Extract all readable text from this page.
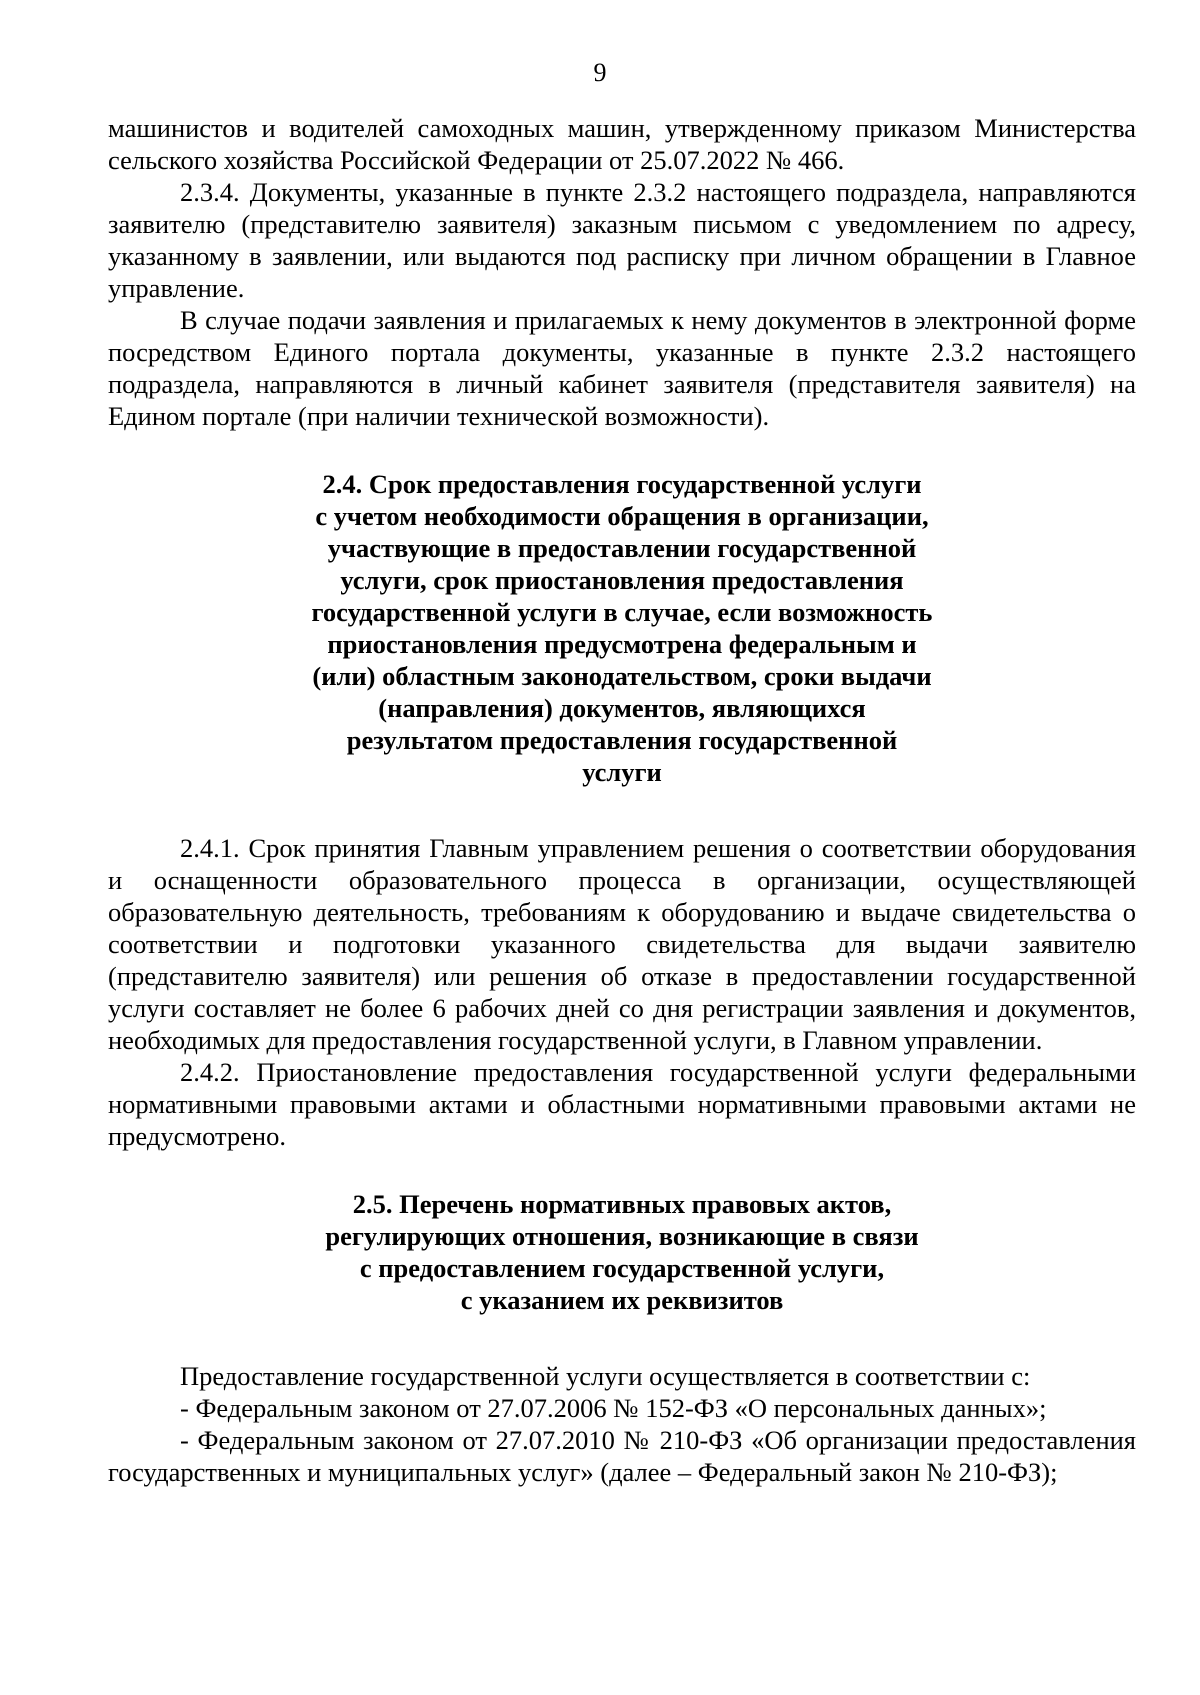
9

машинистов и водителей самоходных машин, утвержденному приказом Министерства сельского хозяйства Российской Федерации от 25.07.2022 № 466.

2.3.4. Документы, указанные в пункте 2.3.2 настоящего подраздела, направляются заявителю (представителю заявителя) заказным письмом с уведомлением по адресу, указанному в заявлении, или выдаются под расписку при личном обращении в Главное управление.

В случае подачи заявления и прилагаемых к нему документов в электронной форме посредством Единого портала документы, указанные в пункте 2.3.2 настоящего подраздела, направляются в личный кабинет заявителя (представителя заявителя) на Едином портале (при наличии технической возможности).

2.4. Срок предоставления государственной услуги
с учетом необходимости обращения в организации,
участвующие в предоставлении государственной
услуги, срок приостановления предоставления
государственной услуги в случае, если возможность
приостановления предусмотрена федеральным и
(или) областным законодательством, сроки выдачи
(направления) документов, являющихся
результатом предоставления государственной
услуги

2.4.1. Срок принятия Главным управлением решения о соответствии оборудования и оснащенности образовательного процесса в организации, осуществляющей образовательную деятельность, требованиям к оборудованию и выдаче свидетельства о соответствии и подготовки указанного свидетельства для выдачи заявителю (представителю заявителя) или решения об отказе в предоставлении государственной услуги составляет не более 6 рабочих дней со дня регистрации заявления и документов, необходимых для предоставления государственной услуги, в Главном управлении.

2.4.2. Приостановление предоставления государственной услуги федеральными нормативными правовыми актами и областными нормативными правовыми актами не предусмотрено.

2.5. Перечень нормативных правовых актов,
регулирующих отношения, возникающие в связи
с предоставлением государственной услуги,
с указанием их реквизитов

Предоставление государственной услуги осуществляется в соответствии с:

- Федеральным законом от 27.07.2006 № 152-ФЗ «О персональных данных»;

- Федеральным законом от 27.07.2010 № 210-ФЗ «Об организации предоставления государственных и муниципальных услуг» (далее – Федеральный закон № 210-ФЗ);
